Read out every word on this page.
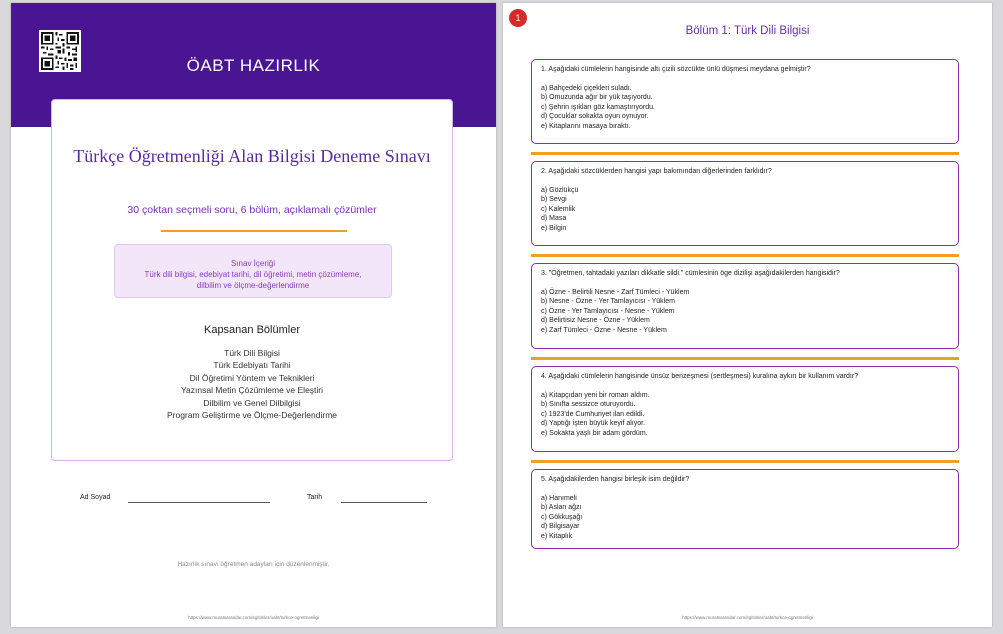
ÖABT HAZIRLIK
Türkçe Öğretmenliği Alan Bilgisi Deneme Sınavı
30 çoktan seçmeli soru, 6 bölüm, açıklamalı çözümler
Sınav İçeriği
Türk dili bilgisi, edebiyat tarihi, dil öğretimi, metin çözümleme, dilbilim ve ölçme-değerlendirme
Kapsanan Bölümler
Türk Dili Bilgisi
Türk Edebiyatı Tarihi
Dil Öğretimi Yöntem ve Teknikleri
Yazınsal Metin Çözümleme ve Eleştiri
Dilbilim ve Genel Dilbilgisi
Program Geliştirme ve Ölçme-Değerlendirme
Ad Soyad	Tarih
Hazırlık sınavı öğretmen adayları için düzenlenmiştir.
https://www.muratsarandar.com/egitimler/oabt/turkce-ogretmenligi
1
Bölüm 1: Türk Dili Bilgisi
1. Aşağıdaki cümlelerin hangisinde altı çizili sözcükte ünlü düşmesi meydana gelmiştir?
a) Bahçedeki çiçekleri suladı.
b) Omuzunda ağır bir yük taşıyordu.
c) Şehrin ışıkları göz kamaştırıyordu.
d) Çocuklar sokakta oyun oynuyor.
e) Kitaplarını masaya bıraktı.
2. Aşağıdaki sözcüklerden hangisi yapı bakımından diğerlerinden farklıdır?
a) Gözlükçü
b) Sevgi
c) Kalemlik
d) Masa
e) Bilgin
3. "Öğretmen, tahtadaki yazıları dikkatle sildi." cümlesinin öge dizilişi aşağıdakilerden hangisidir?
a) Özne - Belirtili Nesne - Zarf Tümleci - Yüklem
b) Nesne - Özne - Yer Tamlayıcısı - Yüklem
c) Özne - Yer Tamlayıcısı - Nesne - Yüklem
d) Belirtisiz Nesne - Özne - Yüklem
e) Zarf Tümleci - Özne - Nesne - Yüklem
4. Aşağıdaki cümlelerin hangisinde ünsüz benzeşmesi (sertleşmesi) kuralına aykırı bir kullanım vardır?
a) Kitapçıdan yeni bir roman aldım.
b) Sınıfta sessizce oturuyordu.
c) 1923'de Cumhuriyet ilan edildi.
d) Yaptığı işten büyük keyif alıyor.
e) Sokakta yaşlı bir adam gördüm.
5. Aşağıdakilerden hangisi birleşik isim değildir?
a) Hanımeli
b) Aslan ağzı
c) Gökkuşağı
d) Bilgisayar
e) Kitaplık
https://www.muratsarandar.com/egitimler/oabt/turkce-ogretmenligi
